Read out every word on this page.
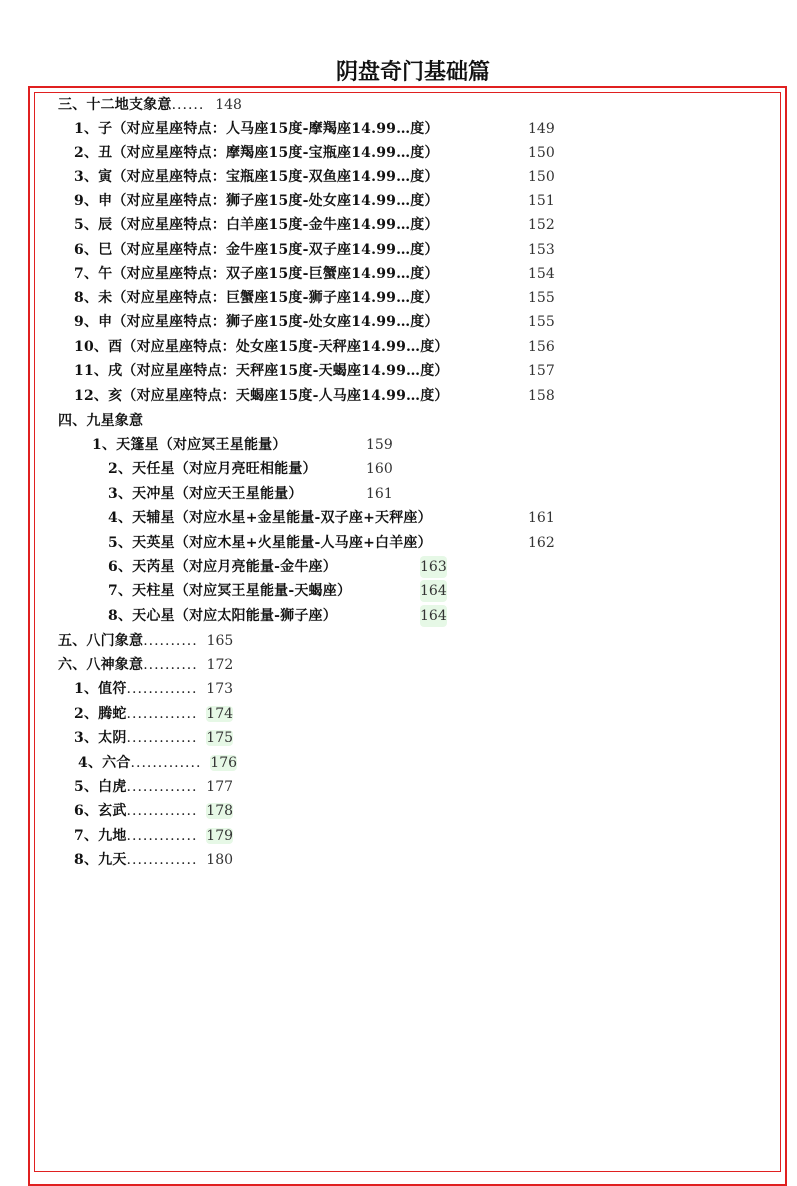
阴盘奇门基础篇
三、十二地支象意...... 148
1、子（对应星座特点：人马座15度-摩羯座14.99…度）	149
2、丑（对应星座特点：摩羯座15度-宝瓶座14.99…度）	150
3、寅（对应星座特点：宝瓶座15度-双鱼座14.99…度）	150
9、申（对应星座特点：狮子座15度-处女座14.99…度）	151
5、辰（对应星座特点：白羊座15度-金牛座14.99…度）	152
6、巳（对应星座特点：金牛座15度-双子座14.99…度）	153
7、午（对应星座特点：双子座15度-巨蟹座14.99…度）	154
8、未（对应星座特点：巨蟹座15度-狮子座14.99…度）	155
9、申（对应星座特点：狮子座15度-处女座14.99…度）	155
10、酉（对应星座特点：处女座15度-天秤座14.99…度）	156
11、戌（对应星座特点：天秤座15度-天蝎座14.99…度）	157
12、亥（对应星座特点：天蝎座15度-人马座14.99…度）	158
四、九星象意
1、天篷星（对应冥王星能量）	159
2、天任星（对应月亮旺相能量）	160
3、天冲星（对应天王星能量）	161
4、天辅星（对应水星+金星能量-双子座+天秤座）	161
5、天英星（对应木星+火星能量-人马座+白羊座）	162
6、天芮星（对应月亮能量-金牛座）	163
7、天柱星（对应冥王星能量-天蝎座）	164
8、天心星（对应太阳能量-狮子座）	164
五、八门象意.......... 165
六、八神象意.......... 172
1、值符............. 173
2、腾蛇............. 174
3、太阴............. 175
4、六合............. 176
5、白虎............. 177
6、玄武............. 178
7、九地............. 179
8、九天............. 180
